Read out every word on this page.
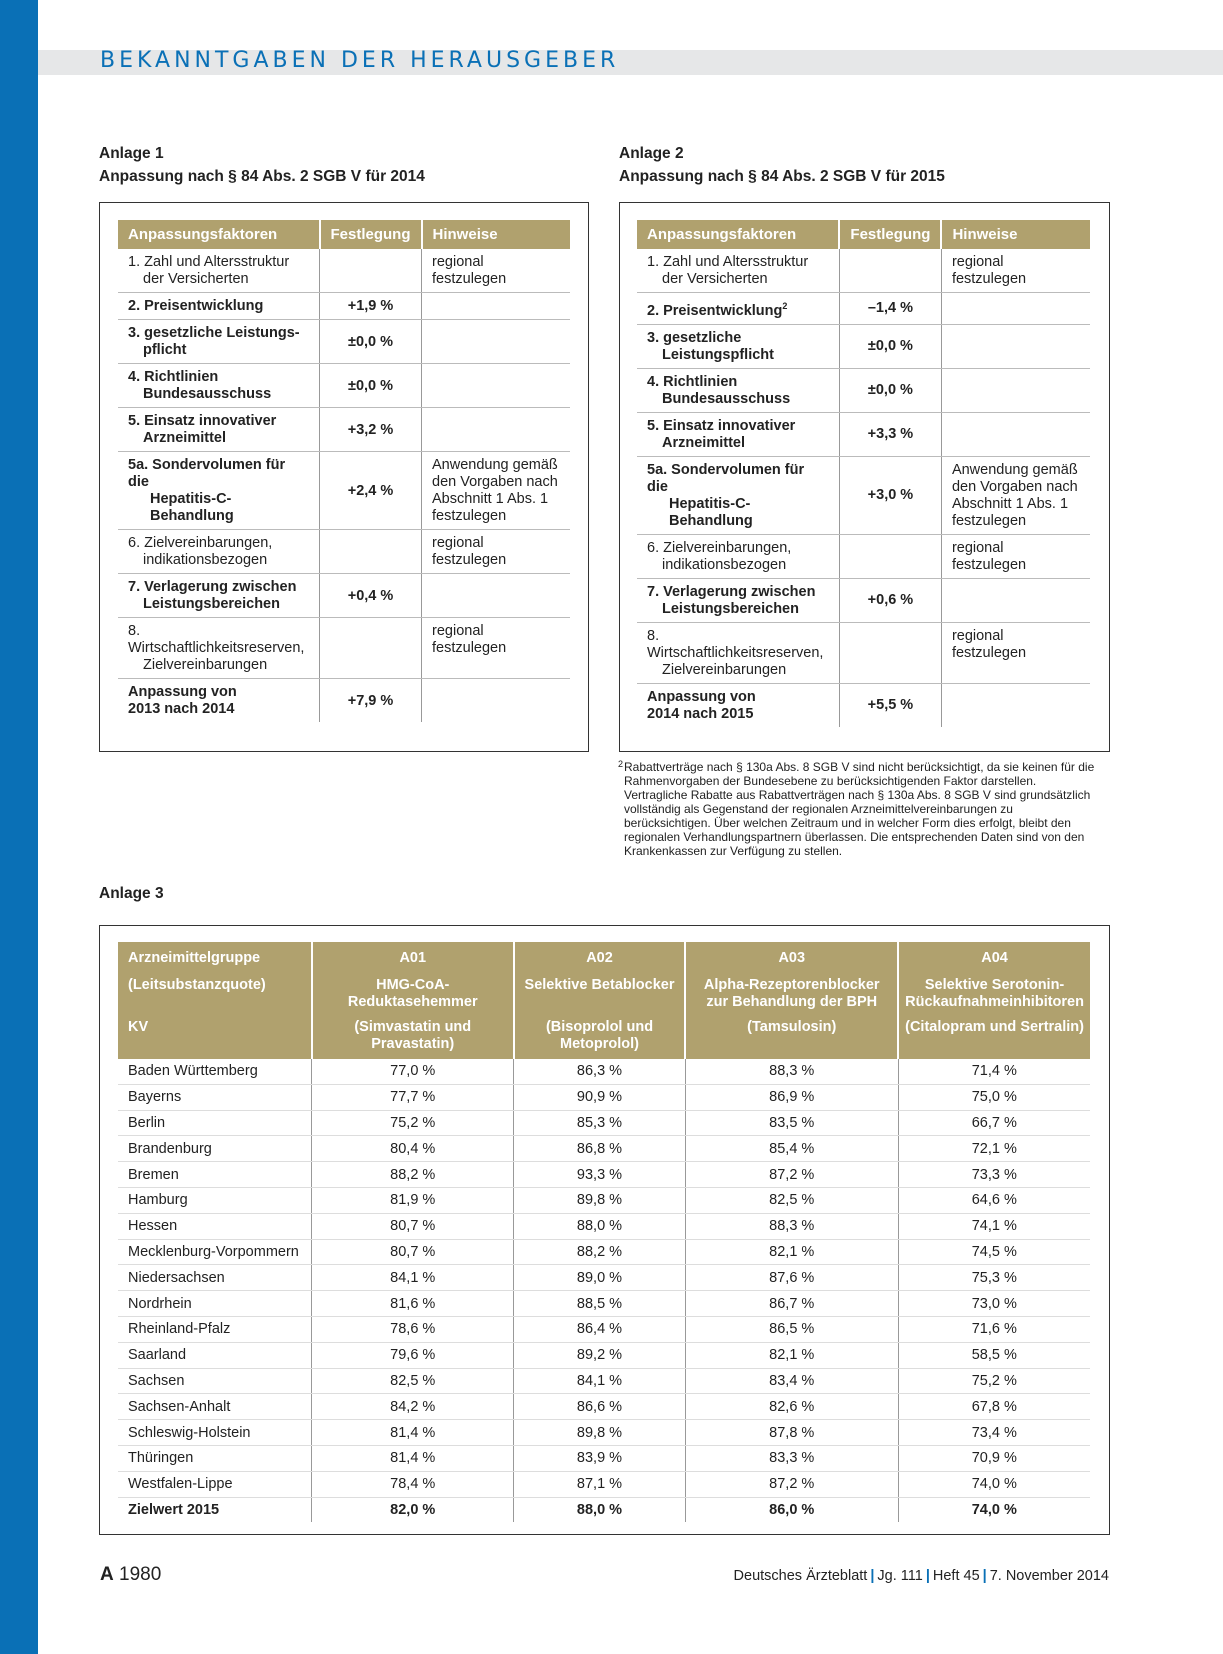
BEKANNTGABEN DER HERAUSGEBER
Anlage 1
Anpassung nach § 84 Abs. 2 SGB V für 2014
Anpassungsfaktoren	Festlegung	Hinweise
1. Zahl und Altersstruktur
der Versicherten		regional festzulegen
2. Preisentwicklung	+1,9 %	
3. gesetzliche Leistungs-
pflicht	±0,0 %	
4. Richtlinien
Bundesausschuss	±0,0 %	
5. Einsatz innovativer
Arzneimittel	+3,2 %	
5a. Sondervolumen für die
Hepatitis-C-Behandlung	+2,4 %	Anwendung gemäß den Vorgaben nach Abschnitt 1 Abs. 1 festzulegen
6. Zielvereinbarungen,
indikationsbezogen		regional festzulegen
7. Verlagerung zwischen
Leistungsbereichen	+0,4 %	
8. Wirtschaftlichkeitsreserven,
Zielvereinbarungen		regional festzulegen
Anpassung von
2013 nach 2014	+7,9 %	
Anlage 2
Anpassung nach § 84 Abs. 2 SGB V für 2015
Anpassungsfaktoren	Festlegung	Hinweise
1. Zahl und Altersstruktur
der Versicherten		regional festzulegen
2. Preisentwicklung$^2$	–1,4 %	
3. gesetzliche
Leistungspflicht	±0,0 %	
4. Richtlinien
Bundesausschuss	±0,0 %	
5. Einsatz innovativer
Arzneimittel	+3,3 %	
5a. Sondervolumen für die
Hepatitis-C-Behandlung	+3,0 %	Anwendung gemäß den Vorgaben nach Abschnitt 1 Abs. 1 festzulegen
6. Zielvereinbarungen,
indikationsbezogen		regional festzulegen
7. Verlagerung zwischen
Leistungsbereichen	+0,6 %	
8. Wirtschaftlichkeitsreserven,
Zielvereinbarungen		regional festzulegen
Anpassung von
2014 nach 2015	+5,5 %	
2 Rabattverträge nach § 130a Abs. 8 SGB V sind nicht berücksichtigt, da sie keinen für die Rahmenvorgaben der Bundesebene zu berücksichtigenden Faktor darstellen. Vertragliche Rabatte aus Rabattverträgen nach § 130a Abs. 8 SGB V sind grundsätzlich vollständig als Gegenstand der regionalen Arzneimittelvereinbarungen zu berücksichtigen. Über welchen Zeitraum und in welcher Form dies erfolgt, bleibt den regionalen Verhandlungspartnern überlassen. Die entsprechenden Daten sind von den Krankenkassen zur Verfügung zu stellen.
Anlage 3
Arzneimittelgruppe	A01	A02	A03	A04
(Leitsubstanzquote)	HMG-CoA-Reduktasehemmer	Selektive Betablocker	Alpha-Rezeptorenblocker zur Behandlung der BPH	Selektive Serotonin-Rückaufnahmeinhibitoren
KV	(Simvastatin und Pravastatin)	(Bisoprolol und Metoprolol)	(Tamsulosin)	(Citalopram und Sertralin)
Baden Württemberg	77,0 %	86,3 %	88,3 %	71,4 %
Bayerns	77,7 %	90,9 %	86,9 %	75,0 %
Berlin	75,2 %	85,3 %	83,5 %	66,7 %
Brandenburg	80,4 %	86,8 %	85,4 %	72,1 %
Bremen	88,2 %	93,3 %	87,2 %	73,3 %
Hamburg	81,9 %	89,8 %	82,5 %	64,6 %
Hessen	80,7 %	88,0 %	88,3 %	74,1 %
Mecklenburg-Vorpommern	80,7 %	88,2 %	82,1 %	74,5 %
Niedersachsen	84,1 %	89,0 %	87,6 %	75,3 %
Nordrhein	81,6 %	88,5 %	86,7 %	73,0 %
Rheinland-Pfalz	78,6 %	86,4 %	86,5 %	71,6 %
Saarland	79,6 %	89,2 %	82,1 %	58,5 %
Sachsen	82,5 %	84,1 %	83,4 %	75,2 %
Sachsen-Anhalt	84,2 %	86,6 %	82,6 %	67,8 %
Schleswig-Holstein	81,4 %	89,8 %	87,8 %	73,4 %
Thüringen	81,4 %	83,9 %	83,3 %	70,9 %
Westfalen-Lippe	78,4 %	87,1 %	87,2 %	74,0 %
Zielwert 2015	82,0 %	88,0 %	86,0 %	74,0 %
A 1980	Deutsches Ärzteblatt | Jg. 111 | Heft 45 | 7. November 2014
